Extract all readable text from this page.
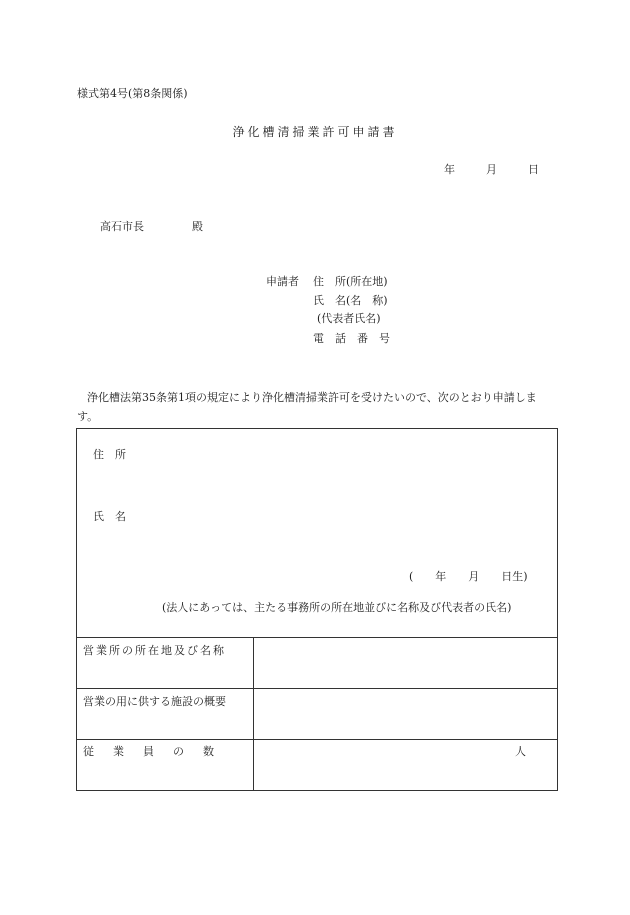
様式第4号(第8条関係)
浄化槽清掃業許可申請書
年	月	日
高石市長	殿
申請者 住　所(所在地)
氏　名(名　称)
(代表者氏名)
電　話　番　号
浄化槽法第35条第1項の規定により浄化槽清掃業許可を受けたいので、次のとおり申請します。
住　所
氏　名
( 年 月 日生)
(法人にあっては、主たる事務所の所在地並びに名称及び代表者の氏名)
営業所の所在地及び名称
営業の用に供する施設の概要
従　業　員　の　数	人
